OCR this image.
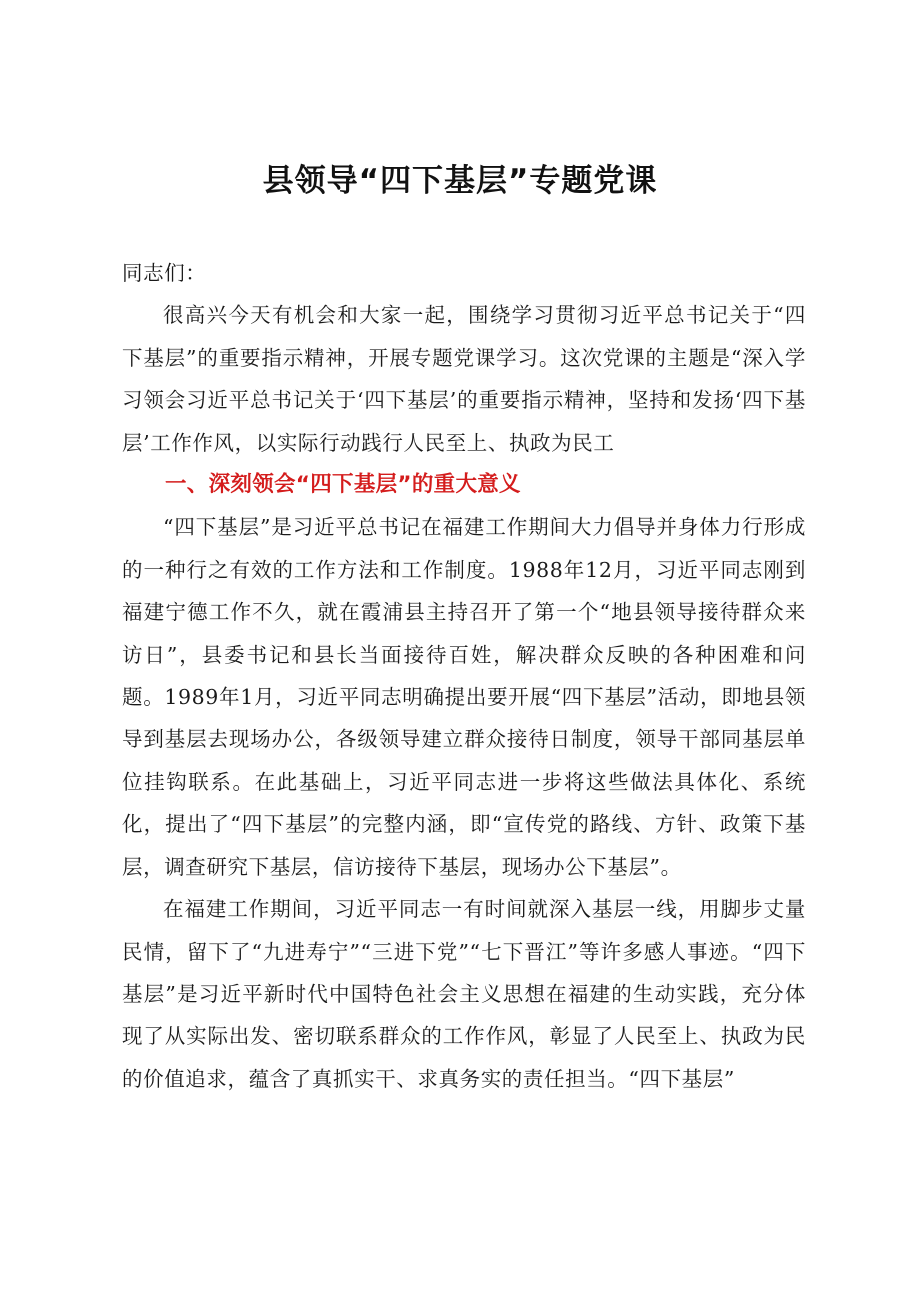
县领导“四下基层”专题党课

同志们：

很高兴今天有机会和大家一起，围绕学习贯彻习近平总书记关于“四下基层”的重要指示精神，开展专题党课学习。这次党课的主题是“深入学习领会习近平总书记关于‘四下基层’的重要指示精神，坚持和发扬‘四下基层’工作作风，以实际行动践行人民至上、执政为民工

一、深刻领会“四下基层”的重大意义

“四下基层”是习近平总书记在福建工作期间大力倡导并身体力行形成的一种行之有效的工作方法和工作制度。1988年12月，习近平同志刚到福建宁德工作不久，就在霞浦县主持召开了第一个“地县领导接待群众来访日”，县委书记和县长当面接待百姓，解决群众反映的各种困难和问题。1989年1月，习近平同志明确提出要开展“四下基层”活动，即地县领导到基层去现场办公，各级领导建立群众接待日制度，领导干部同基层单位挂钩联系。在此基础上，习近平同志进一步将这些做法具体化、系统化，提出了“四下基层”的完整内涵，即“宣传党的路线、方针、政策下基层，调查研究下基层，信访接待下基层，现场办公下基层”。

在福建工作期间，习近平同志一有时间就深入基层一线，用脚步丈量民情，留下了“九进寿宁”“三进下党”“七下晋江”等许多感人事迹。“四下基层”是习近平新时代中国特色社会主义思想在福建的生动实践，充分体现了从实际出发、密切联系群众的工作作风，彰显了人民至上、执政为民的价值追求，蕴含了真抓实干、求真务实的责任担当。“四下基层”
